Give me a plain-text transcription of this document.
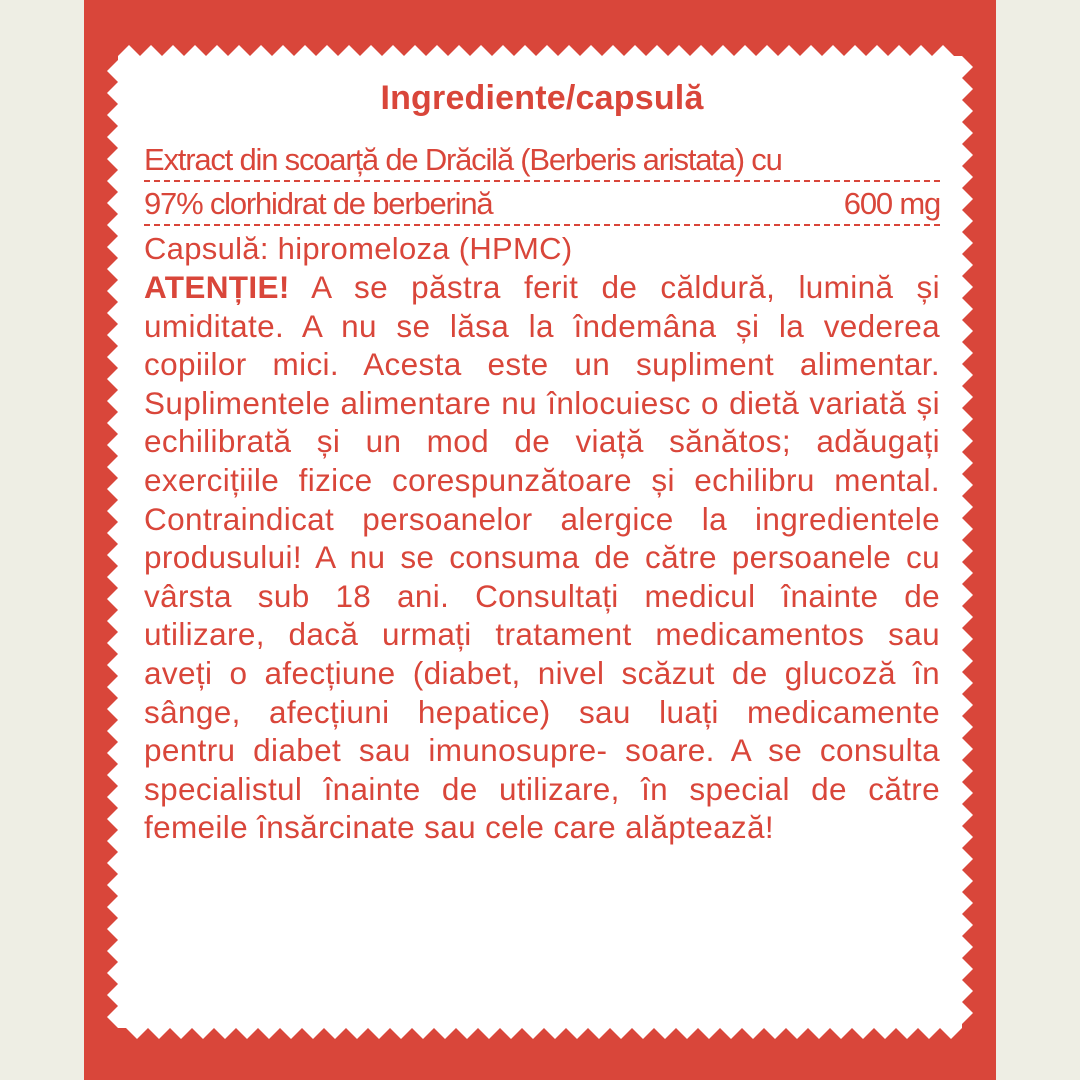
Ingrediente/capsulă
Extract din scoarță de Drăcilă (Berberis aristata) cu
97% clorhidrat de berberină	600 mg
Capsulă: hipromeloza (HPMC)
ATENȚIE! A se păstra ferit de căldură, lumină și umiditate. A nu se lăsa la îndemâna și la vederea copiilor mici. Acesta este un supliment alimentar. Suplimentele alimentare nu înlocuiesc o dietă variată și echilibrată și un mod de viață sănătos; adăugați exercițiile fizice corespunzătoare și echilibru mental. Contraindicat persoanelor alergice la ingredientele produsului! A nu se consuma de către persoanele cu vârsta sub 18 ani. Consultați medicul înainte de utilizare, dacă urmați tratament medicamentos sau aveți o afecțiune (diabet, nivel scăzut de glucoză în sânge, afecțiuni hepatice) sau luați medicamente pentru diabet sau imunosupre- soare. A se consulta specialistul înainte de utilizare, în special de către femeile însărcinate sau cele care alăptează!
